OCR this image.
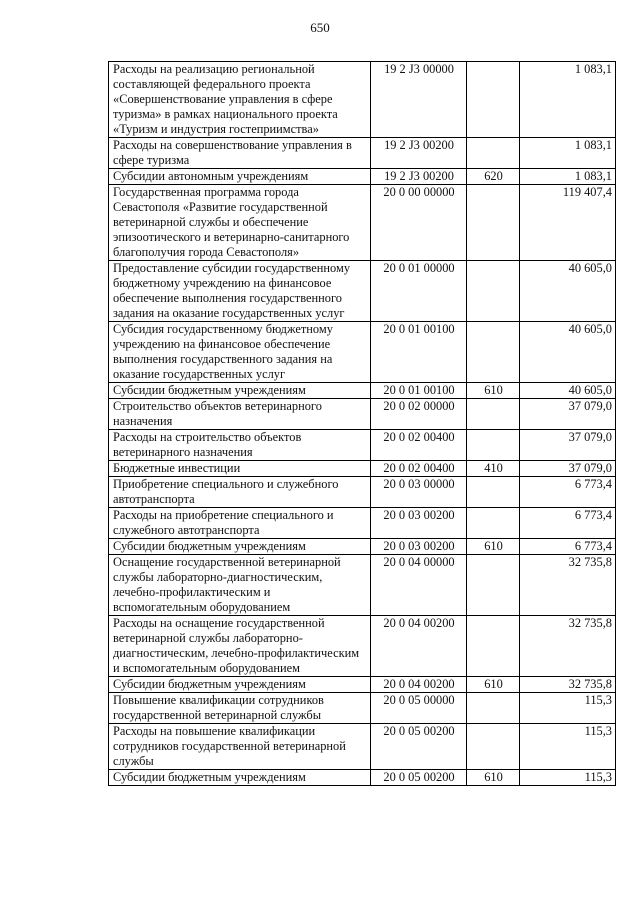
650
Расходы на реализацию региональной составляющей федерального проекта «Совершенствование управления в сфере туризма» в рамках национального проекта «Туризм и индустрия гостеприимства»	19 2 J3 00000		1 083,1
Расходы на совершенствование управления в сфере туризма	19 2 J3 00200		1 083,1
Субсидии автономным учреждениям	19 2 J3 00200	620	1 083,1
Государственная программа города Севастополя «Развитие государственной ветеринарной службы и обеспечение эпизоотического и ветеринарно-санитарного благополучия города Севастополя»	20 0 00 00000		119 407,4
Предоставление субсидии государственному бюджетному учреждению на финансовое обеспечение выполнения государственного задания на оказание государственных услуг	20 0 01 00000		40 605,0
Субсидия государственному бюджетному учреждению на финансовое обеспечение выполнения государственного задания на оказание государственных услуг	20 0 01 00100		40 605,0
Субсидии бюджетным учреждениям	20 0 01 00100	610	40 605,0
Строительство объектов ветеринарного назначения	20 0 02 00000		37 079,0
Расходы на строительство объектов ветеринарного назначения	20 0 02 00400		37 079,0
Бюджетные инвестиции	20 0 02 00400	410	37 079,0
Приобретение специального и служебного автотранспорта	20 0 03 00000		6 773,4
Расходы на приобретение специального и служебного автотранспорта	20 0 03 00200		6 773,4
Субсидии бюджетным учреждениям	20 0 03 00200	610	6 773,4
Оснащение государственной ветеринарной службы лабораторно-диагностическим, лечебно-профилактическим и вспомогательным оборудованием	20 0 04 00000		32 735,8
Расходы на оснащение государственной ветеринарной службы лабораторно-диагностическим, лечебно-профилактическим и вспомогательным оборудованием	20 0 04 00200		32 735,8
Субсидии бюджетным учреждениям	20 0 04 00200	610	32 735,8
Повышение квалификации сотрудников государственной ветеринарной службы	20 0 05 00000		115,3
Расходы на повышение квалификации сотрудников государственной ветеринарной службы	20 0 05 00200		115,3
Субсидии бюджетным учреждениям	20 0 05 00200	610	115,3
